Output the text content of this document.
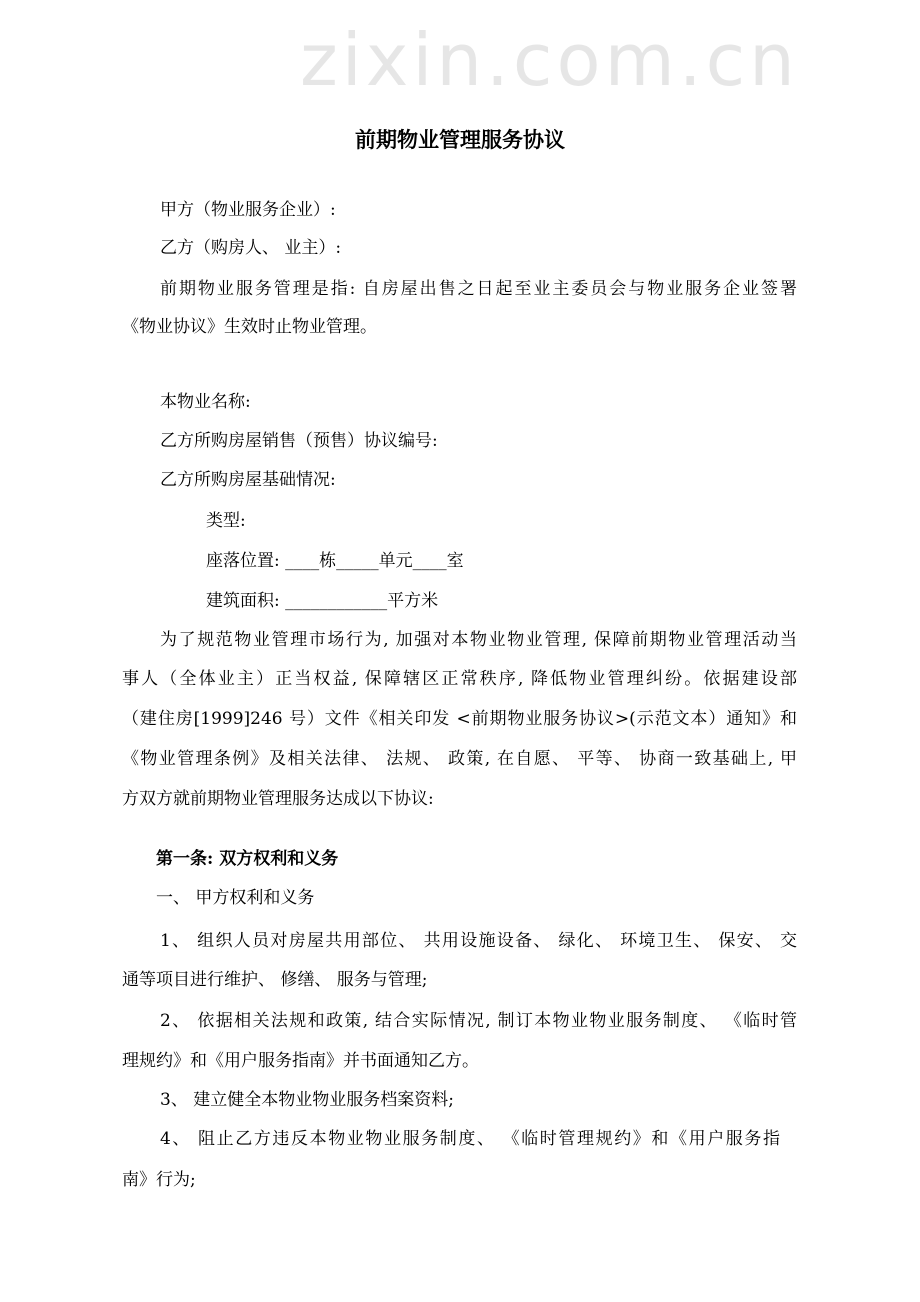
zixin.com.cn
前期物业管理服务协议
甲方（物业服务企业）:
乙方（购房人、 业主）:
前期物业服务管理是指: 自房屋出售之日起至业主委员会与物业服务企业签署
《物业协议》生效时止物业管理。
本物业名称:
乙方所购房屋销售（预售）协议编号:
乙方所购房屋基础情况:
类型:
座落位置: ____栋_____单元____室
建筑面积: ____________平方米
为了规范物业管理市场行为, 加强对本物业物业管理, 保障前期物业管理活动当
事人（全体业主）正当权益, 保障辖区正常秩序, 降低物业管理纠纷。依据建设部
（建住房[1999]246 号）文件《相关印发 <前期物业服务协议>(示范文本）通知》和
《物业管理条例》及相关法律、 法规、 政策, 在自愿、 平等、 协商一致基础上, 甲
方双方就前期物业管理服务达成以下协议:
第一条: 双方权利和义务
一、 甲方权利和义务
1、 组织人员对房屋共用部位、 共用设施设备、 绿化、 环境卫生、 保安、 交
通等项目进行维护、 修缮、 服务与管理;
2、 依据相关法规和政策, 结合实际情况, 制订本物业物业服务制度、 《临时管
理规约》和《用户服务指南》并书面通知乙方。
3、 建立健全本物业物业服务档案资料;
4、 阻止乙方违反本物业物业服务制度、 《临时管理规约》和《用户服务指
南》行为;
